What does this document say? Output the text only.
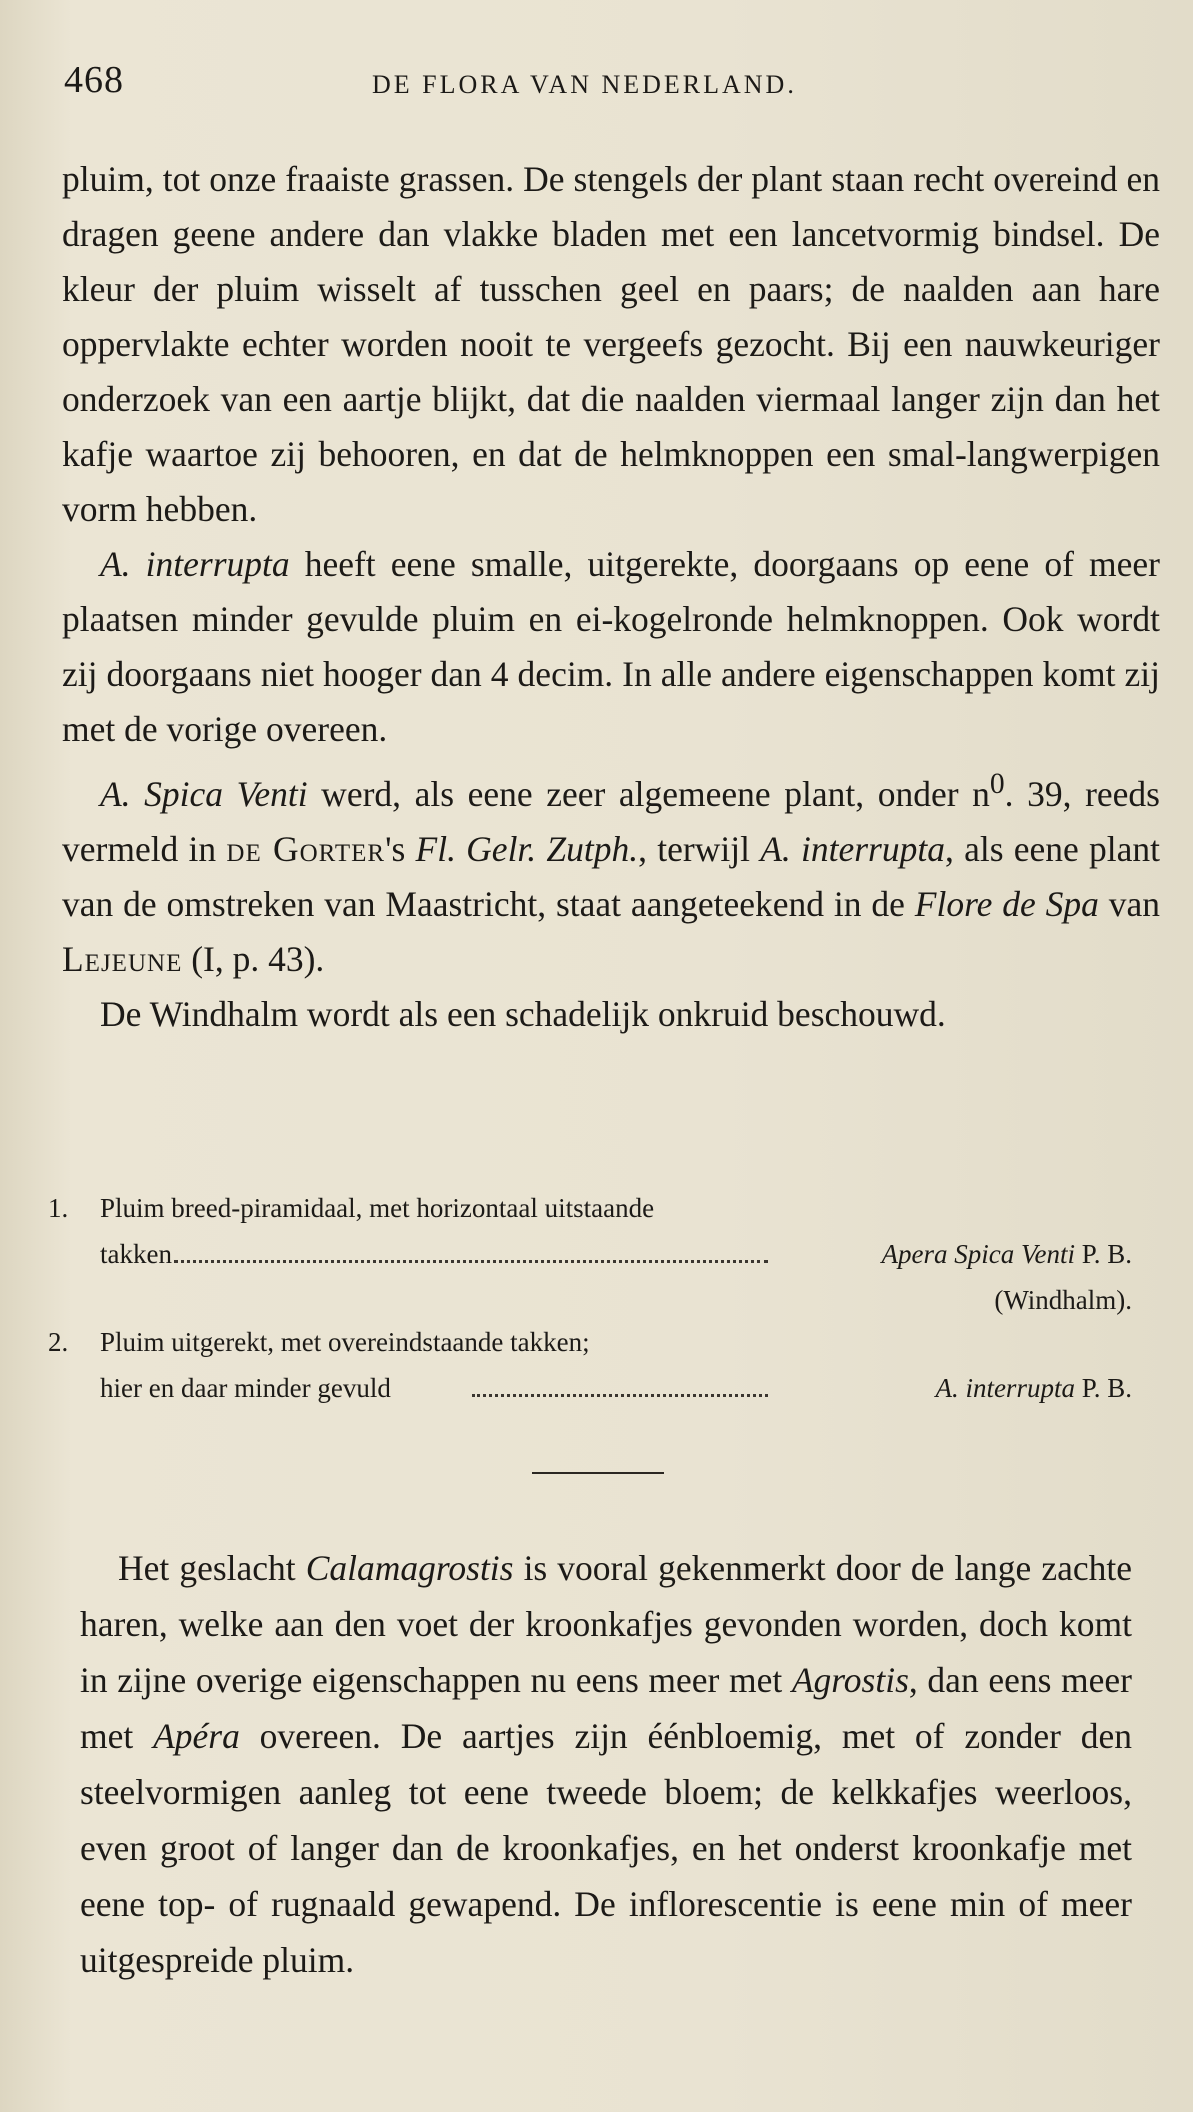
468	DE FLORA VAN NEDERLAND.

pluim, tot onze fraaiste grassen. De stengels der plant staan recht overeind en dragen geene andere dan vlakke bladen met een lancetvormig bindsel. De kleur der pluim wisselt af tusschen geel en paars; de naalden aan hare oppervlakte echter worden nooit te vergeefs gezocht. Bij een nauwkeuriger onderzoek van een aartje blijkt, dat die naalden viermaal langer zijn dan het kafje waartoe zij behooren, en dat de helmknoppen een smal-langwerpigen vorm hebben.

A. interrupta heeft eene smalle, uitgerekte, doorgaans op eene of meer plaatsen minder gevulde pluim en ei-kogelronde helmknoppen. Ook wordt zij doorgaans niet hooger dan 4 decim. In alle andere eigenschappen komt zij met de vorige overeen.

A. Spica Venti werd, als eene zeer algemeene plant, onder $n^0$. 39, reeds vermeld in de Gorter's Fl. Gelr. Zutph., terwijl A. interrupta, als eene plant van de omstreken van Maastricht, staat aangeteekend in de Flore de Spa van Lejeune (I, p. 43).

De Windhalm wordt als een schadelijk onkruid beschouwd.

1.	Pluim breed-piramidaal, met horizontaal uitstaande
takken	Apera Spica Venti P. B.
(Windhalm).
2.	Pluim uitgerekt, met overeindstaande takken;
hier en daar minder gevuld	A. interrupta P. B.

Het geslacht Calamagrostis is vooral gekenmerkt door de lange zachte haren, welke aan den voet der kroonkafjes gevonden worden, doch komt in zijne overige eigenschappen nu eens meer met Agrostis, dan eens meer met Apéra overeen. De aartjes zijn éénbloemig, met of zonder den steelvormigen aanleg tot eene tweede bloem; de kelkkafjes weerloos, even groot of langer dan de kroonkafjes, en het onderst kroonkafje met eene top- of rugnaald gewapend. De inflorescentie is eene min of meer uitgespreide pluim.
